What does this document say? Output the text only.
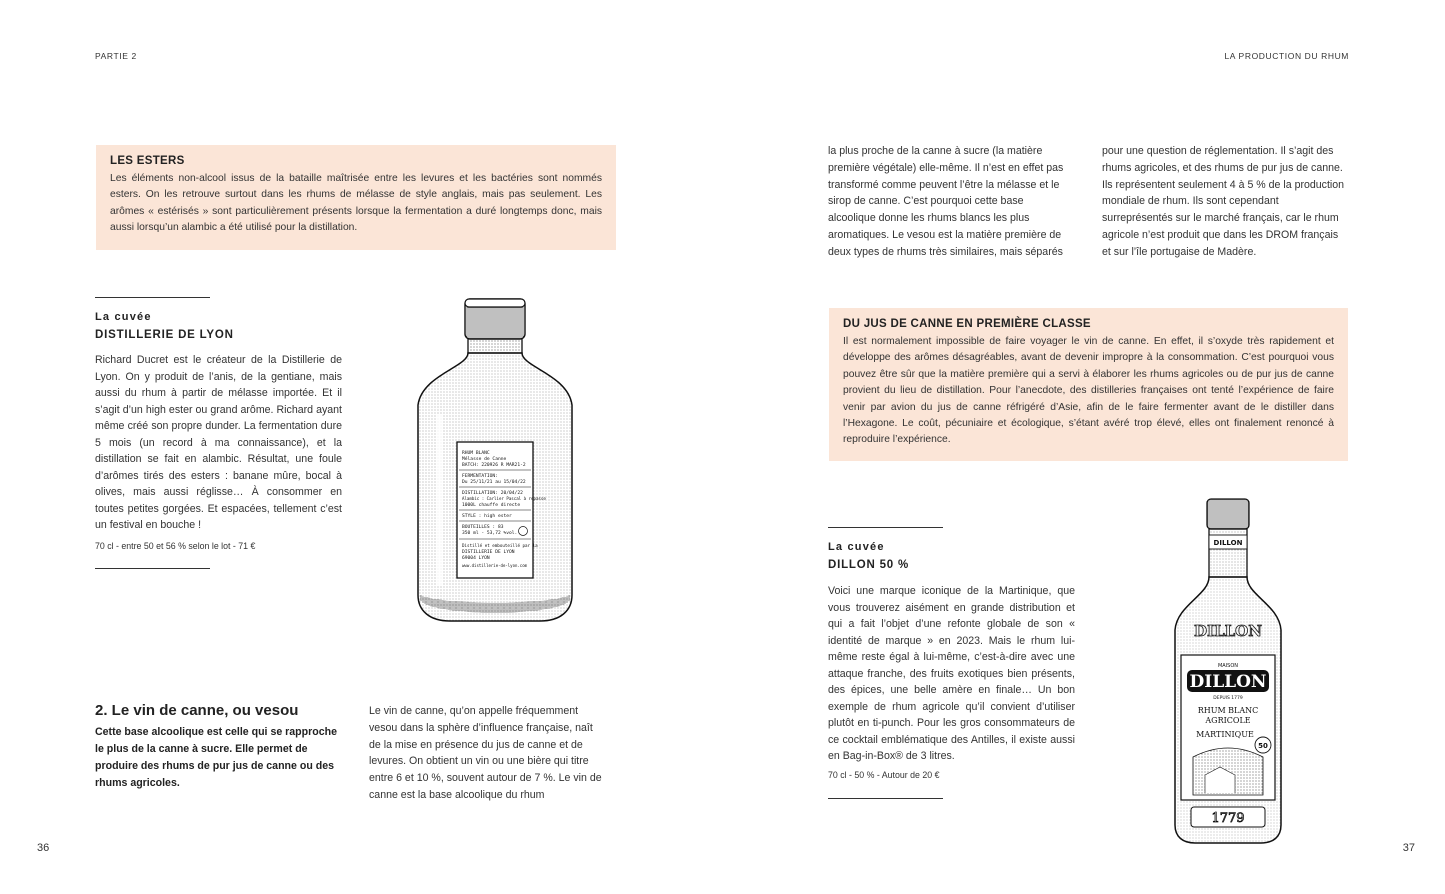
PARTIE 2	LA PRODUCTION DU RHUM
36	37
LES ESTERS
Les éléments non-alcool issus de la bataille maîtrisée entre les levures et les bactéries sont nommés esters. On les retrouve surtout dans les rhums de mélasse de style anglais, mais pas seulement. Les arômes « estérisés » sont particulièrement présents lorsque la fermentation a duré longtemps donc, mais aussi lorsqu’un alambic a été utilisé pour la distillation.
La cuvée
DISTILLERIE DE LYON
Richard Ducret est le créateur de la Distillerie de Lyon. On y produit de l’anis, de la gentiane, mais aussi du rhum à partir de mélasse importée. Et il s’agit d’un high ester ou grand arôme. Richard ayant même créé son propre dunder. La fermentation dure 5 mois (un record à ma connaissance), et la distillation se fait en alambic. Résultat, une foule d’arômes tirés des esters : banane mûre, bocal à olives, mais aussi réglisse… À consommer en toutes petites gorgées. Et espacées, tellement c’est un festival en bouche !
70 cl - entre 50 et 56 % selon le lot - 71 €
RHUM BLANC
Mélasse de Canne
BATCH: 220926 R MAR21-2
FERMENTATION:
Du 25/11/21 au 15/04/22
DISTILLATION: 20/04/22
Alambic : Carlier Pascal à repasse
1000L chauffe directe
STYLE : high ester
BOUTEILLES : 83
350 ml - 53,72 %vol.
Distillé et embouteillé par la
DISTILLERIE DE LYON
69004 LYON
www.distillerie-de-lyon.com
2. Le vin de canne, ou vesou
Cette base alcoolique est celle qui se rapproche le plus de la canne à sucre. Elle permet de produire des rhums de pur jus de canne ou des rhums agricoles.
Le vin de canne, qu’on appelle fréquemment vesou dans la sphère d’influence française, naît de la mise en présence du jus de canne et de levures. On obtient un vin ou une bière qui titre entre 6 et 10 %, souvent autour de 7 %. Le vin de canne est la base alcoolique du rhum
la plus proche de la canne à sucre (la matière première végétale) elle-même. Il n’est en effet pas transformé comme peuvent l’être la mélasse et le sirop de canne. C’est pourquoi cette base alcoolique donne les rhums blancs les plus aromatiques. Le vesou est la matière première de deux types de rhums très similaires, mais séparés
pour une question de réglementation. Il s’agit des rhums agricoles, et des rhums de pur jus de canne. Ils représentent seulement 4 à 5 % de la production mondiale de rhum. Ils sont cependant surreprésentés sur le marché français, car le rhum agricole n’est produit que dans les DROM français et sur l’île portugaise de Madère.
DU JUS DE CANNE EN PREMIÈRE CLASSE
Il est normalement impossible de faire voyager le vin de canne. En effet, il s’oxyde très rapidement et développe des arômes désagréables, avant de devenir impropre à la consommation. C’est pourquoi vous pouvez être sûr que la matière première qui a servi à élaborer les rhums agricoles ou de pur jus de canne provient du lieu de distillation. Pour l’anecdote, des distilleries françaises ont tenté l’expérience de faire venir par avion du jus de canne réfrigéré d’Asie, afin de le faire fermenter avant de le distiller dans l’Hexagone. Le coût, pécuniaire et écologique, s’étant avéré trop élevé, elles ont finalement renoncé à reproduire l’expérience.
La cuvée
DILLON 50 %
Voici une marque iconique de la Martinique, que vous trouverez aisément en grande distribution et qui a fait l’objet d’une refonte globale de son « identité de marque » en 2023. Mais le rhum lui-même reste égal à lui-même, c’est-à-dire avec une attaque franche, des fruits exotiques bien présents, des épices, une belle amère en finale… Un bon exemple de rhum agricole qu’il convient d’utiliser plutôt en ti-punch. Pour les gros consommateurs de ce cocktail emblématique des Antilles, il existe aussi en Bag-in-Box® de 3 litres.
70 cl - 50 % - Autour de 20 €
DILLON
DILLON
MAISON
DILLON
DEPUIS 1779
RHUM BLANC
AGRICOLE
MARTINIQUE
50
1779
